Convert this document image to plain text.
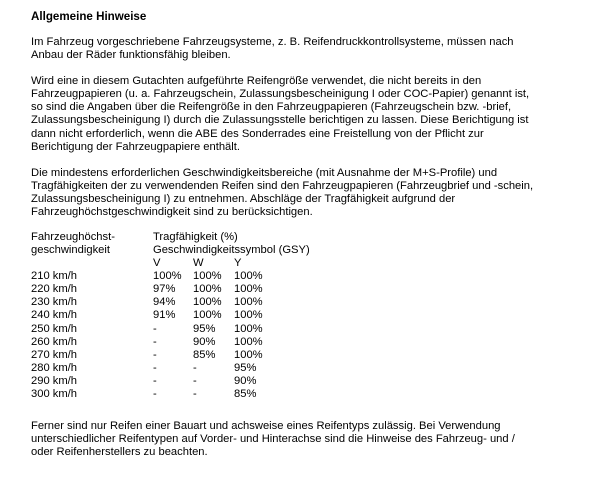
Allgemeine Hinweise

Im Fahrzeug vorgeschriebene Fahrzeugsysteme, z. B. Reifendruckkontrollsysteme, müssen nach
Anbau der Räder funktionsfähig bleiben.

Wird eine in diesem Gutachten aufgeführte Reifengröße verwendet, die nicht bereits in den
Fahrzeugpapieren (u. a. Fahrzeugschein, Zulassungsbescheinigung I oder COC-Papier) genannt ist,
so sind die Angaben über die Reifengröße in den Fahrzeugpapieren (Fahrzeugschein bzw. -brief,
Zulassungsbescheinigung I) durch die Zulassungsstelle berichtigen zu lassen. Diese Berichtigung ist
dann nicht erforderlich, wenn die ABE des Sonderrades eine Freistellung von der Pflicht zur
Berichtigung der Fahrzeugpapiere enthält.

Die mindestens erforderlichen Geschwindigkeitsbereiche (mit Ausnahme der M+S-Profile) und
Tragfähigkeiten der zu verwendenden Reifen sind den Fahrzeugpapieren (Fahrzeugbrief und -schein,
Zulassungsbescheinigung I) zu entnehmen. Abschläge der Tragfähigkeit aufgrund der
Fahrzeughöchstgeschwindigkeit sind zu berücksichtigen.

Fahrzeughöchst-
geschwindigkeit
Tragfähigkeit (%)
Geschwindigkeitssymbol (GSY)
V	W	Y
210 km/h	100% 100% 100%
220 km/h	97% 100% 100%
230 km/h	94% 100% 100%
240 km/h	91% 100% 100%
250 km/h	-	95% 100%
260 km/h	-	90% 100%
270 km/h	-	85% 100%
280 km/h	-	-	95%
290 km/h	-	-	90%
300 km/h	-	-	85%

Ferner sind nur Reifen einer Bauart und achsweise eines Reifentyps zulässig. Bei Verwendung
unterschiedlicher Reifentypen auf Vorder- und Hinterachse sind die Hinweise des Fahrzeug- und /
oder Reifenherstellers zu beachten.
